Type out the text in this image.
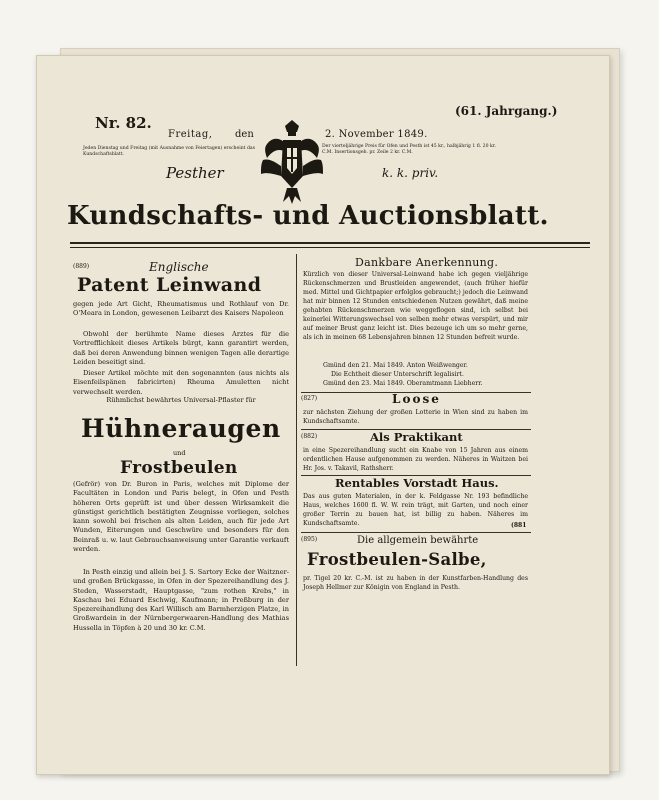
Nr. 82.
(61. Jahrgang.)
Freitag, den	2. November 1849.
Jeden Dienstag und Freitag (mit Ausnahme von Feiertagen) erscheint das Kundschaftsblatt.
Der vierteljährige Preis für Ofen und Pesth ist 45 kr., halbjährig 1 fl. 20 kr. C.M. Insertionsgeb. pr. Zeile 2 kr. C.M.
Pesther	k. k. priv.
Kundschafts- und Auctionsblatt.
(889)	Englische
Patent Leinwand
gegen jede Art Gicht, Rheumatismus und Rothlauf von Dr. O'Meara in London, gewesenen Leibarzt des Kaisers Napoleon
Obwohl der berühmte Name dieses Arztes für die Vortrefflichkeit dieses Artikels bürgt, kann garantirt werden, daß bei deren Anwendung binnen wenigen Tagen alle derartige Leiden beseitigt sind.
Dieser Artikel möchte mit den sogenannten (aus nichts als Eisenfeilspänen fabricirten) Rheuma Amuletten nicht verwechselt werden.
Rühmlichst bewährtes Universal-Pflaster für
Hühneraugen
und
Frostbeulen
(Gefrör) von Dr. Buron in Paris, welches mit Diplome der Facultäten in London und Paris belegt, in Ofen und Pesth höheren Orts geprüft ist und über dessen Wirksamkeit die günstigst gerichtlich bestätigten Zeugnisse vorliegen, solches kann sowohl bei frischen als alten Leiden, auch für jede Art Wunden, Eiterungen und Geschwüre und besonders für den Beinraß u. w. laut Gebrauchsanweisung unter Garantie verkauft werden.
In Pesth einzig und allein bei J. S. Sartory Ecke der Waitzner- und großen Brückgasse, in Ofen in der Spezereihandlung des J. Steden, Wasserstadt, Hauptgasse, "zum rothen Krebs," in Kaschau bei Eduard Eschwig, Kaufmann; in Preßburg in der Spezereihandlung des Karl Willisch am Barmherzigen Platze, in Großwardein in der Nürnbergerwaaren-Handlung des Mathias Hussella in Töpfen à 20 und 30 kr. C.M.
Dankbare Anerkennung.
Kürzlich von dieser Universal-Leinwand habe ich gegen vieljährige Rückenschmerzen und Brustleiden angewendet, (auch früher hiefür med. Mittel und Gichtpapier erfolglos gebraucht;) jedoch die Leinwand hat mir binnen 12 Stunden entschiedenen Nutzen gewährt, daß meine gehabten Rückenschmerzen wie weggeflogen sind, ich selbst bei keinerlei Witterungswechsel von selben mehr etwas verspürt, und mir auf meiner Brust ganz leicht ist. Dies bezeuge ich um so mehr gerne, als ich in meinen 68 Lebensjahren binnen 12 Stunden befreit wurde.
Gmünd den 21. Mai 1849. Anton Weißwenger.
Die Echtheit dieser Unterschrift legalisirt.
Gmünd den 23. Mai 1849. Oberamtmann Liebherr.
(827)	Loose
zur nächsten Ziehung der großen Lotterie in Wien sind zu haben im Kundschaftsamte.
(882)	Als Praktikant
in eine Spezereihandlung sucht ein Knabe von 15 Jahren aus einem ordentlichen Hause aufgenommen zu werden. Näheres in Waitzen bei Hr. Jos. v. Takavil, Rathsherr.
Rentables Vorstadt Haus.
Das aus guten Materialen, in der k. Feldgasse Nr. 193 befindliche Haus, welches 1600 fl. W. W. rein trägt, mit Garten, und noch einer großer Terrin zu bauen hat, ist billig zu haben. Näheres im Kundschaftsamte.	(881
(895)	Die allgemein bewährte
Frostbeulen-Salbe,
pr. Tigel 20 kr. C.-M. ist zu haben in der Kunstfarben-Handlung des Joseph Hellmer zur Königin von England in Pesth.
